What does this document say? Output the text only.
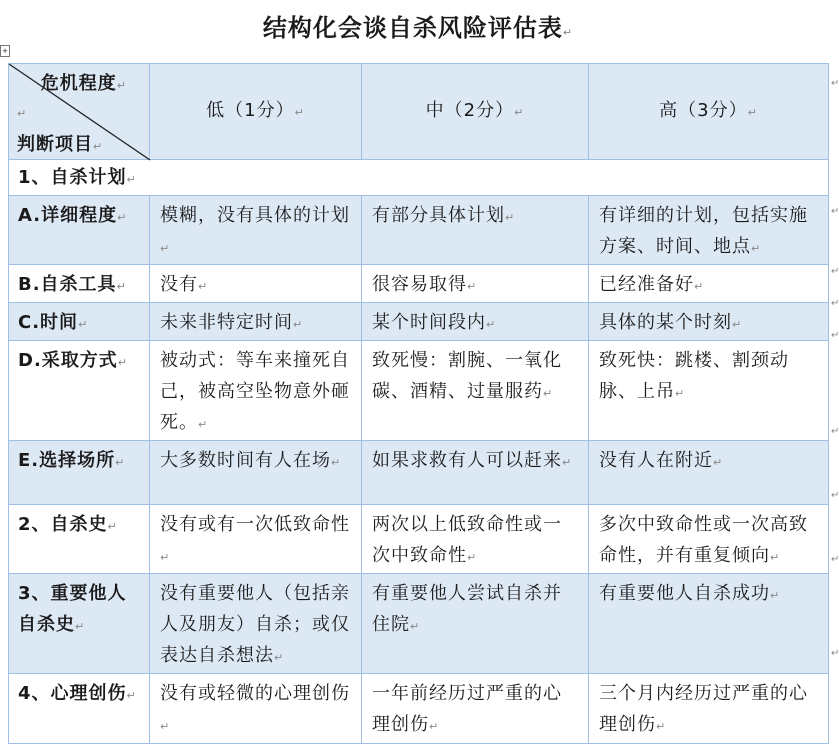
结构化会谈自杀风险评估表↵
+
危机程度↵
↵
判断项目↵	低（1分）↵	中（2分）↵	高（3分）↵
1、自杀计划↵			
A.详细程度↵	模糊，没有具体的计划↵	有部分具体计划↵	有详细的计划，包括实施方案、时间、地点↵
B.自杀工具↵	没有↵	很容易取得↵	已经准备好↵
C.时间↵	未来非特定时间↵	某个时间段内↵	具体的某个时刻↵
D.采取方式↵	被动式：等车来撞死自己，被高空坠物意外砸死。↵	致死慢：割腕、一氧化碳、酒精、过量服药↵	致死快：跳楼、割颈动脉、上吊↵
E.选择场所↵	大多数时间有人在场↵	如果求救有人可以赶来↵	没有人在附近↵
2、自杀史↵	没有或有一次低致命性↵	两次以上低致命性或一次中致命性↵	多次中致命性或一次高致命性，并有重复倾向↵
3、重要他人自杀史↵	没有重要他人（包括亲人及朋友）自杀；或仅表达自杀想法↵	有重要他人尝试自杀并住院↵	有重要他人自杀成功↵
4、心理创伤↵	没有或轻微的心理创伤↵	一年前经历过严重的心理创伤↵	三个月内经历过严重的心理创伤↵
↵
↵
↵
↵
↵
↵
↵
↵
↵
